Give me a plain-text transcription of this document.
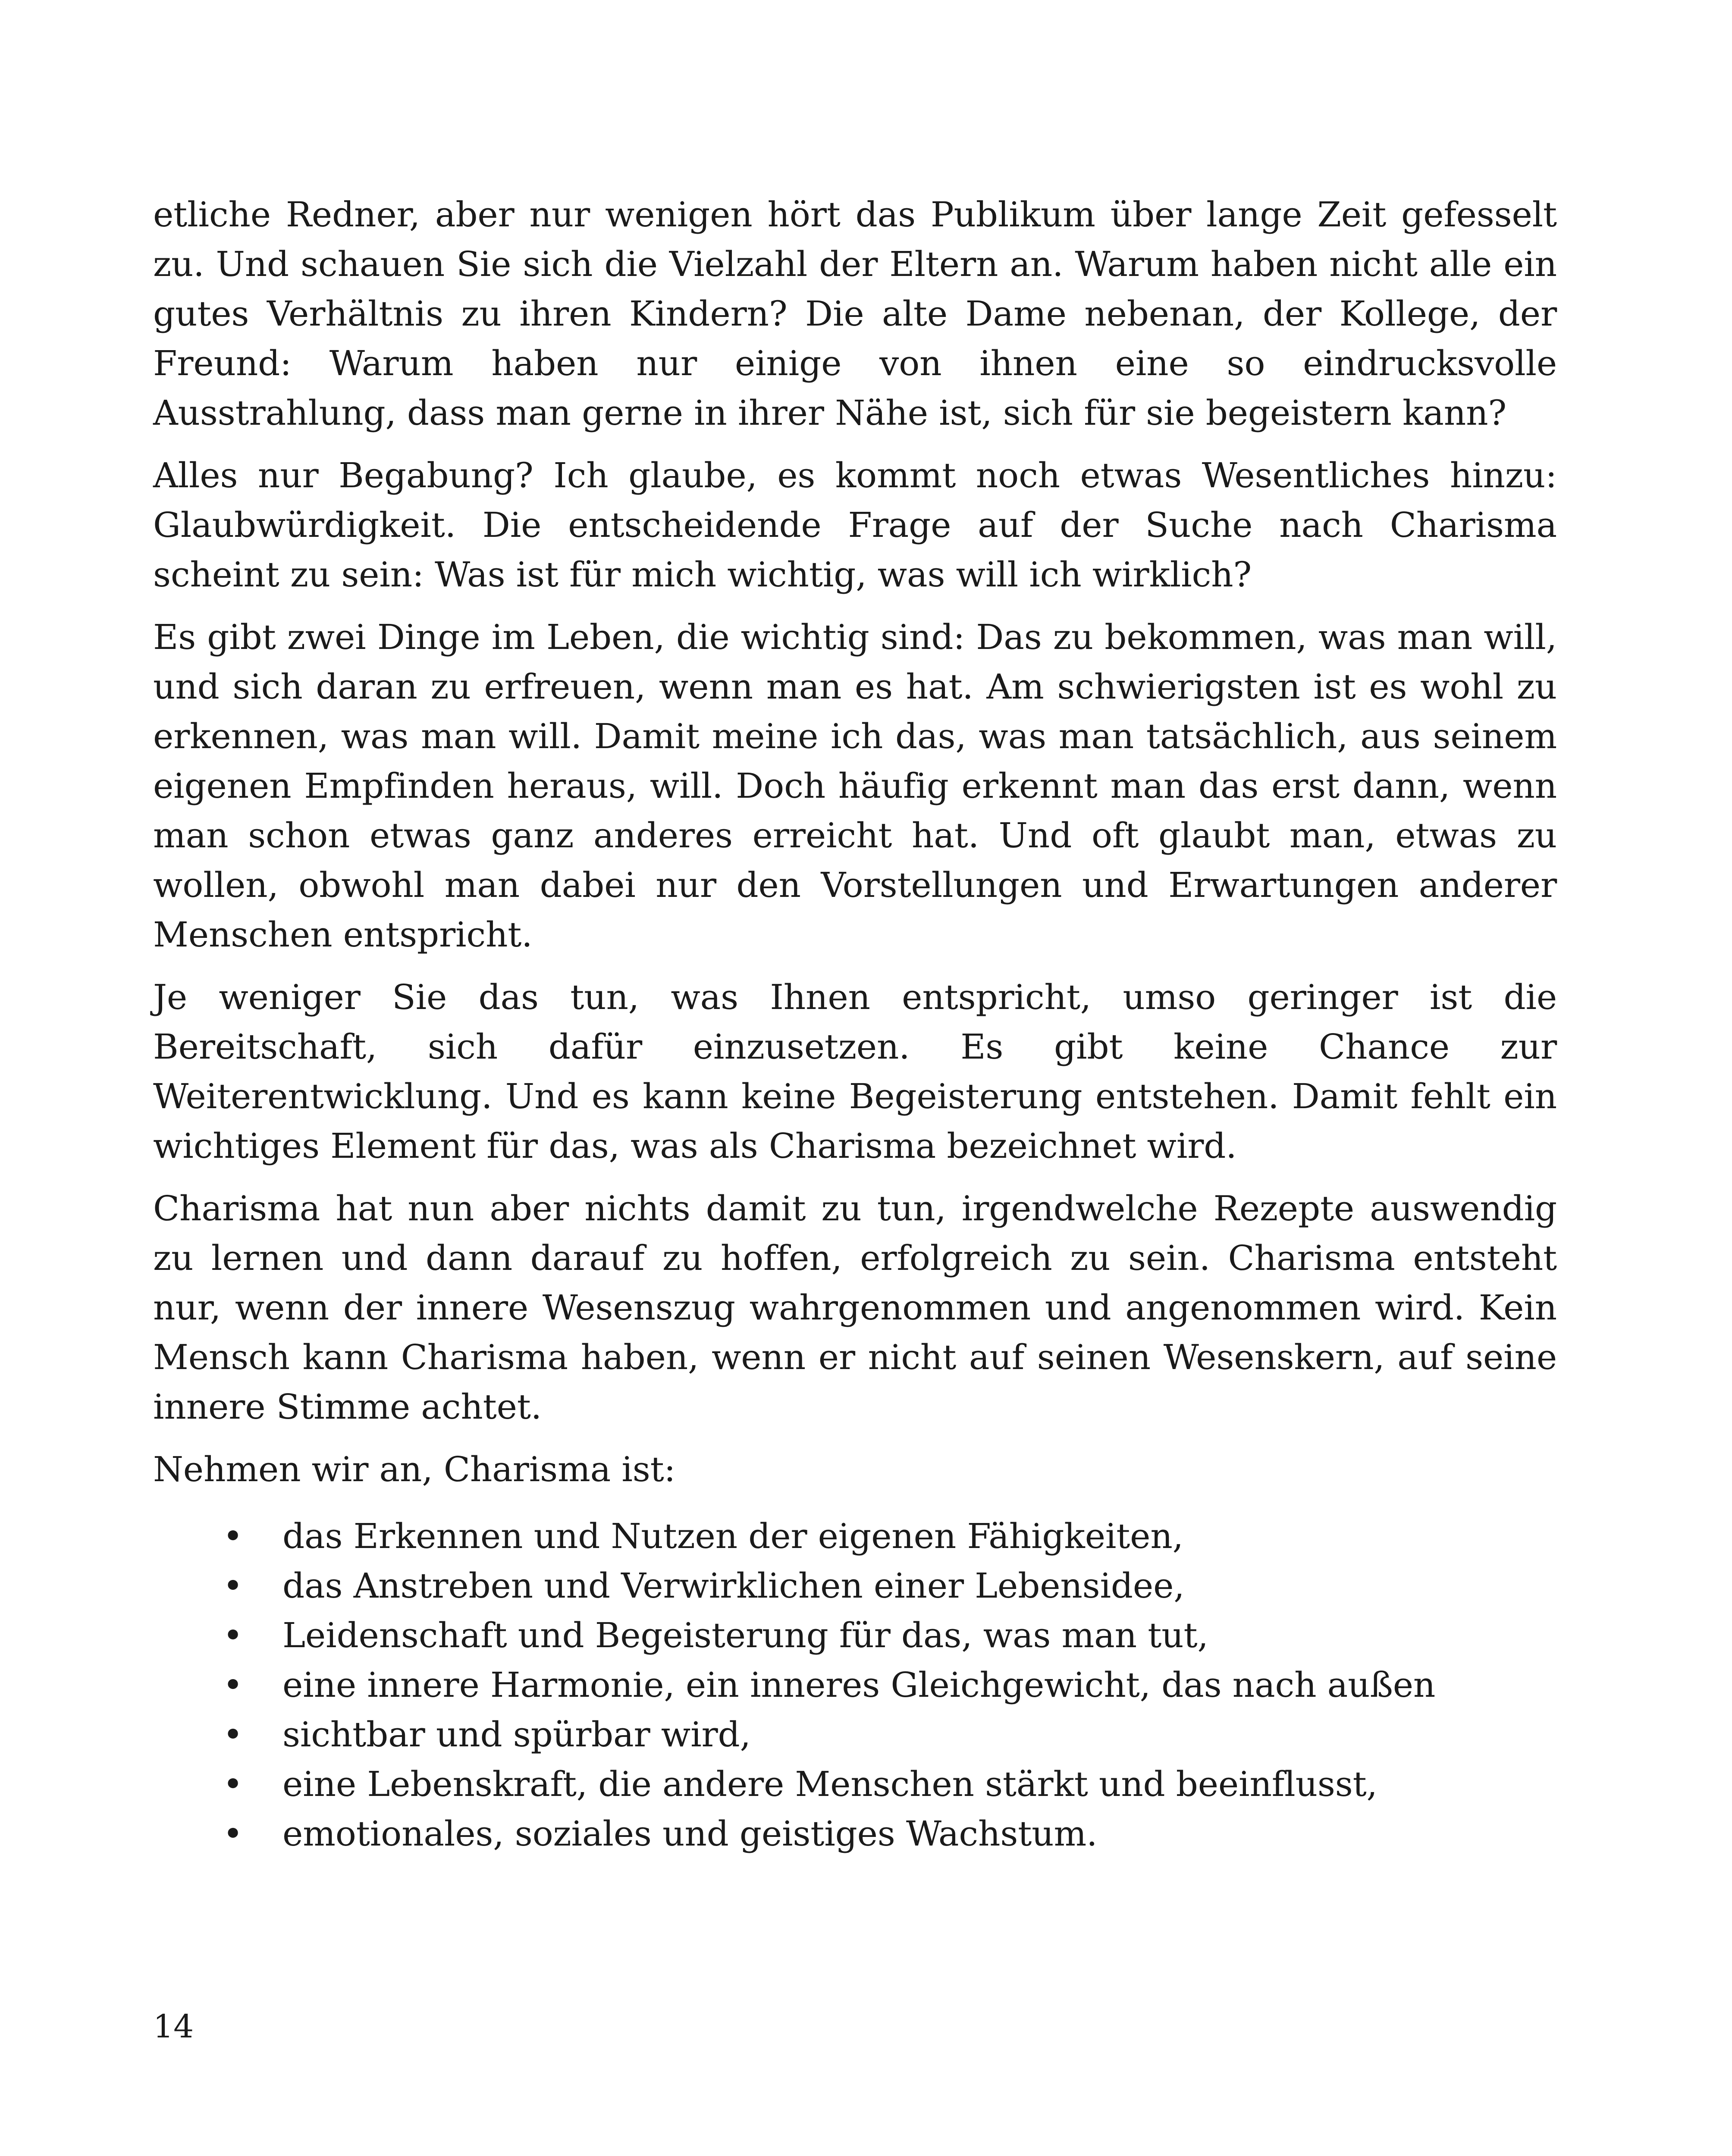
etliche Redner, aber nur wenigen hört das Publikum über lange Zeit gefesselt zu. Und schauen Sie sich die Vielzahl der Eltern an. Warum haben nicht alle ein gutes Verhältnis zu ihren Kindern? Die alte Dame nebenan, der Kollege, der Freund: Warum haben nur einige von ihnen eine so eindrucksvolle Ausstrahlung, dass man gerne in ihrer Nähe ist, sich für sie begeistern kann?

Alles nur Begabung? Ich glaube, es kommt noch etwas Wesentliches hinzu: Glaubwürdigkeit. Die entscheidende Frage auf der Suche nach Charisma scheint zu sein: Was ist für mich wichtig, was will ich wirklich?

Es gibt zwei Dinge im Leben, die wichtig sind: Das zu bekommen, was man will, und sich daran zu erfreuen, wenn man es hat. Am schwierigsten ist es wohl zu erkennen, was man will. Damit meine ich das, was man tatsächlich, aus seinem eigenen Empfinden heraus, will. Doch häufig erkennt man das erst dann, wenn man schon etwas ganz anderes erreicht hat. Und oft glaubt man, etwas zu wollen, obwohl man dabei nur den Vorstellungen und Erwartungen anderer Menschen entspricht.

Je weniger Sie das tun, was Ihnen entspricht, umso geringer ist die Bereitschaft, sich dafür einzusetzen. Es gibt keine Chance zur Weiterentwicklung. Und es kann keine Begeisterung entstehen. Damit fehlt ein wichtiges Element für das, was als Charisma bezeichnet wird.

Charisma hat nun aber nichts damit zu tun, irgendwelche Rezepte auswendig zu lernen und dann darauf zu hoffen, erfolgreich zu sein. Charisma entsteht nur, wenn der innere Wesenszug wahrgenommen und angenommen wird. Kein Mensch kann Charisma haben, wenn er nicht auf seinen Wesenskern, auf seine innere Stimme achtet.

Nehmen wir an, Charisma ist:

• das Erkennen und Nutzen der eigenen Fähigkeiten,
• das Anstreben und Verwirklichen einer Lebensidee,
• Leidenschaft und Begeisterung für das, was man tut,
• eine innere Harmonie, ein inneres Gleichgewicht, das nach außen
• sichtbar und spürbar wird,
• eine Lebenskraft, die andere Menschen stärkt und beeinflusst,
• emotionales, soziales und geistiges Wachstum.
14
